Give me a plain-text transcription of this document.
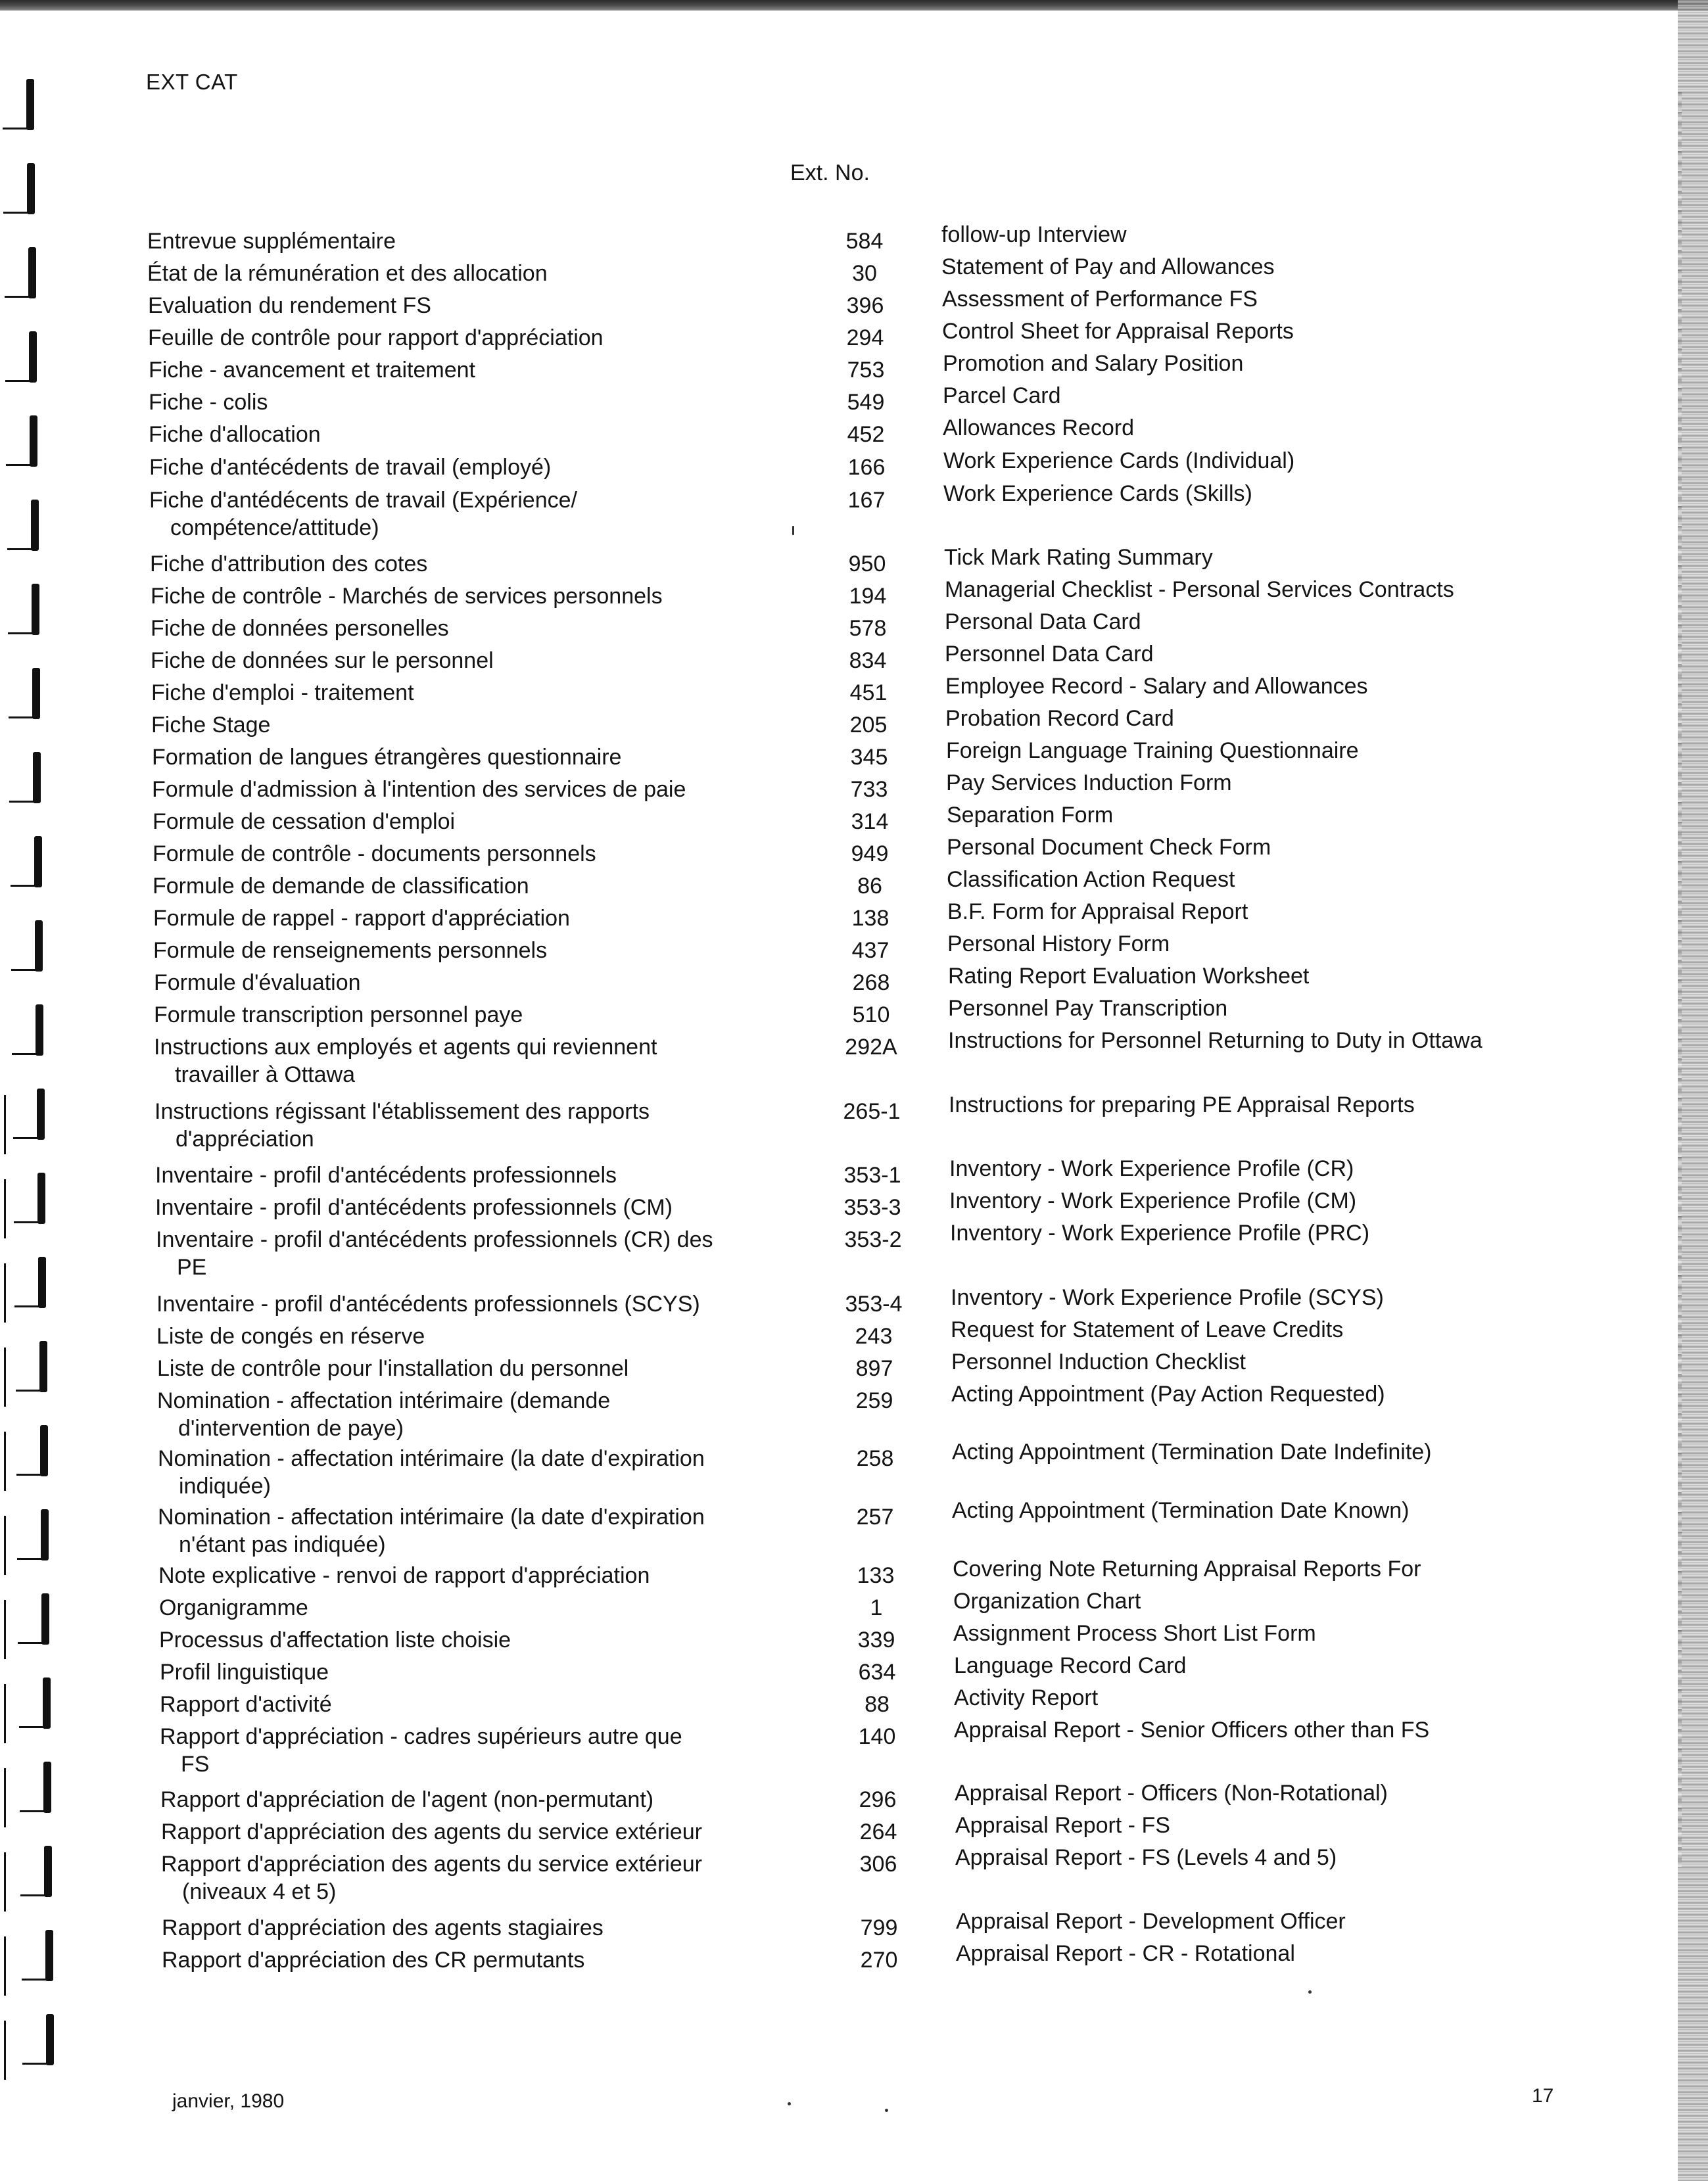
EXT CAT
Ext. No.
Entrevue supplémentaire	584	follow-up Interview
État de la rémunération et des allocation	30	Statement of Pay and Allowances
Evaluation du rendement FS	396	Assessment of Performance FS
Feuille de contrôle pour rapport d'appréciation	294	Control Sheet for Appraisal Reports
Fiche - avancement et traitement	753	Promotion and Salary Position
Fiche - colis	549	Parcel Card
Fiche d'allocation	452	Allowances Record
Fiche d'antécédents de travail (employé)	166	Work Experience Cards (Individual)
Fiche d'antédécents de travail (Expérience/
compétence/attitude)
167	Work Experience Cards (Skills)
Fiche d'attribution des cotes	950	Tick Mark Rating Summary
Fiche de contrôle - Marchés de services personnels	194	Managerial Checklist - Personal Services Contracts
Fiche de données personelles	578	Personal Data Card
Fiche de données sur le personnel	834	Personnel Data Card
Fiche d'emploi - traitement	451	Employee Record - Salary and Allowances
Fiche Stage	205	Probation Record Card
Formation de langues étrangères questionnaire	345	Foreign Language Training Questionnaire
Formule d'admission à l'intention des services de paie	733	Pay Services Induction Form
Formule de cessation d'emploi	314	Separation Form
Formule de contrôle - documents personnels	949	Personal Document Check Form
Formule de demande de classification	86	Classification Action Request
Formule de rappel - rapport d'appréciation	138	B.F. Form for Appraisal Report
Formule de renseignements personnels	437	Personal History Form
Formule d'évaluation	268	Rating Report Evaluation Worksheet
Formule transcription personnel paye	510	Personnel Pay Transcription
Instructions aux employés et agents qui reviennent
travailler à Ottawa
292A	Instructions for Personnel Returning to Duty in Ottawa
Instructions régissant l'établissement des rapports
d'appréciation
265-1	Instructions for preparing PE Appraisal Reports
Inventaire - profil d'antécédents professionnels	353-1	Inventory - Work Experience Profile (CR)
Inventaire - profil d'antécédents professionnels (CM)	353-3	Inventory - Work Experience Profile (CM)
Inventaire - profil d'antécédents professionnels (CR) des
PE
353-2	Inventory - Work Experience Profile (PRC)
Inventaire - profil d'antécédents professionnels (SCYS)	353-4	Inventory - Work Experience Profile (SCYS)
Liste de congés en réserve	243	Request for Statement of Leave Credits
Liste de contrôle pour l'installation du personnel	897	Personnel Induction Checklist
Nomination - affectation intérimaire (demande
d'intervention de paye)
259	Acting Appointment (Pay Action Requested)
Nomination - affectation intérimaire (la date d'expiration
indiquée)
258	Acting Appointment (Termination Date Indefinite)
Nomination - affectation intérimaire (la date d'expiration
n'étant pas indiquée)
257	Acting Appointment (Termination Date Known)
Note explicative - renvoi de rapport d'appréciation	133	Covering Note Returning Appraisal Reports For
Organigramme	1	Organization Chart
Processus d'affectation liste choisie	339	Assignment Process Short List Form
Profil linguistique	634	Language Record Card
Rapport d'activité	88	Activity Report
Rapport d'appréciation - cadres supérieurs autre que
FS
140	Appraisal Report - Senior Officers other than FS
Rapport d'appréciation de l'agent (non-permutant)	296	Appraisal Report - Officers (Non-Rotational)
Rapport d'appréciation des agents du service extérieur	264	Appraisal Report - FS
Rapport d'appréciation des agents du service extérieur
(niveaux 4 et 5)
306	Appraisal Report - FS (Levels 4 and 5)
Rapport d'appréciation des agents stagiaires	799	Appraisal Report - Development Officer
Rapport d'appréciation des CR permutants	270	Appraisal Report - CR - Rotational
janvier, 1980	17
